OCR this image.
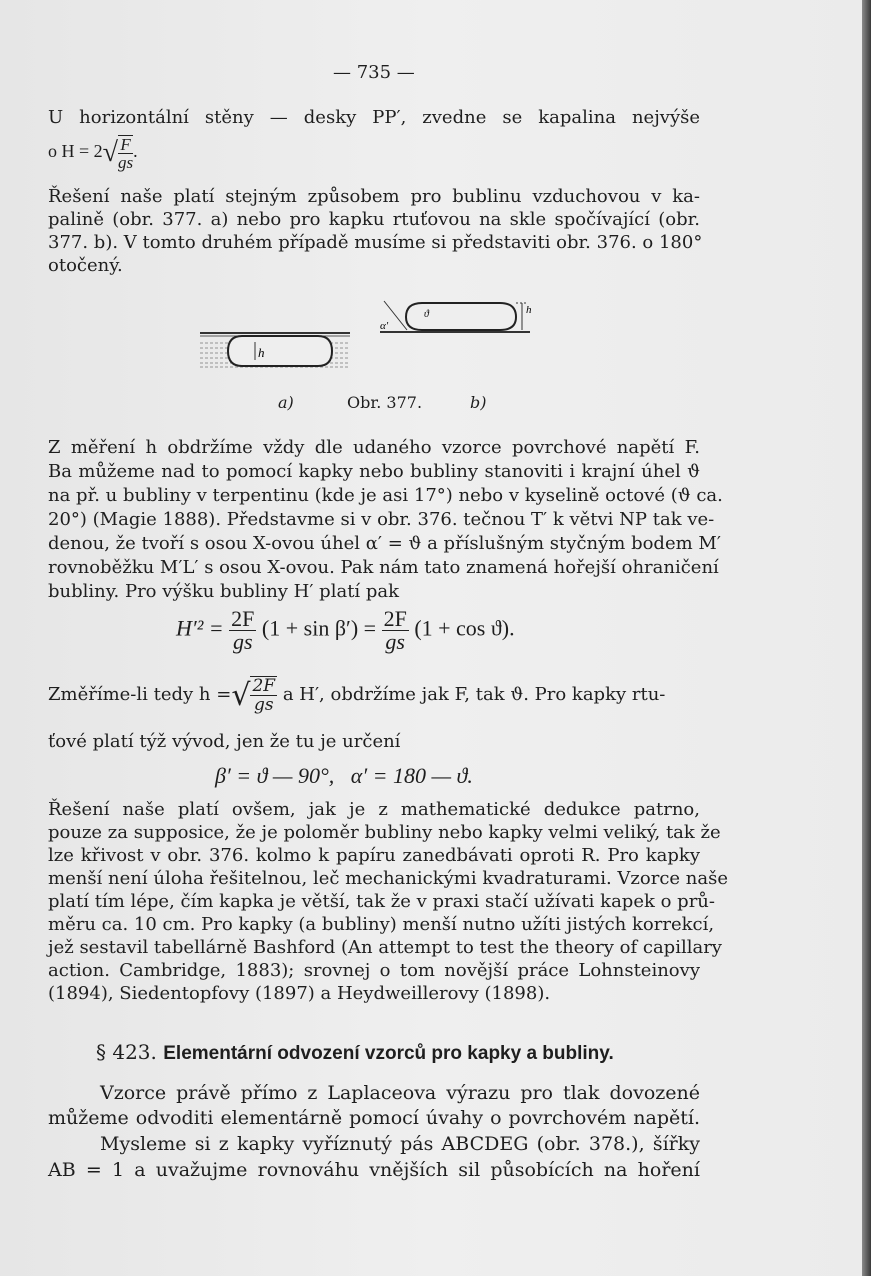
— 735 —
U horizontální stěny — desky PP′, zvedne se kapalina nejvýše
o $H = 2√ \frac{F}{gs}$ .
Řešení naše platí stejným způsobem pro bublinu vzduchovou v ka-
palině (obr. 377. a) nebo pro kapku rtuťovou na skle spočívající (obr.
377. b). V tomto druhém případě musíme si představiti obr. 376. o 180°
otočený.
h
h
α′
ϑ
a)	Obr. 377.	b)
Z měření h obdržíme vždy dle udaného vzorce povrchové napětí F.
Ba můžeme nad to pomocí kapky nebo bubliny stanoviti i krajní úhel ϑ
na př. u bubliny v terpentinu (kde je asi 17°) nebo v kyselině octové (ϑ ca.
20°) (Magie 1888). Představme si v obr. 376. tečnou T′ k větvi NP tak ve-
denou, že tvoří s osou X-ovou úhel α′ = ϑ a příslušným styčným bodem M′
rovnoběžku M′L′ s osou X-ovou. Pak nám tato znamená hořejší ohraničení
bubliny. Pro výšku bubliny H′ platí pak
$H'^2 = \frac{2F}{gs} (1 + \sin \beta') = \frac{2F}{gs} (1 + \cos ϑ)$.
Změříme-li tedy h =√ $\frac{2F}{gs}$ a H′, obdržíme jak F, tak ϑ. Pro kapky rtu-
ťové platí týž vývod, jen že tu je určení
β′ = ϑ — 90°,   α′ = 180 — ϑ.
Řešení naše platí ovšem, jak je z mathematické dedukce patrno,
pouze za supposice, že je poloměr bubliny nebo kapky velmi veliký, tak že
lze křivost v obr. 376. kolmo k papíru zanedbávati oproti R. Pro kapky
menší není úloha řešitelnou, leč mechanickými kvadraturami. Vzorce naše
platí tím lépe, čím kapka je větší, tak že v praxi stačí užívati kapek o prů-
měru ca. 10 cm. Pro kapky (a bubliny) menší nutno užíti jistých korrekcí,
jež sestavil tabellárně Bashford (An attempt to test the theory of capillary
action. Cambridge, 1883); srovnej o tom novější práce Lohnsteinovy
(1894), Siedentopfovy (1897) a Heydweillerovy (1898).
§ 423. Elementární odvození vzorců pro kapky a bubliny.
Vzorce právě přímo z Laplaceova výrazu pro tlak dovozené
můžeme odvoditi elementárně pomocí úvahy o povrchovém napětí.
Mysleme si z kapky vyříznutý pás ABCDEG (obr. 378.), šířky
AB = 1 a uvažujme rovnováhu vnějších sil působících na hoření
